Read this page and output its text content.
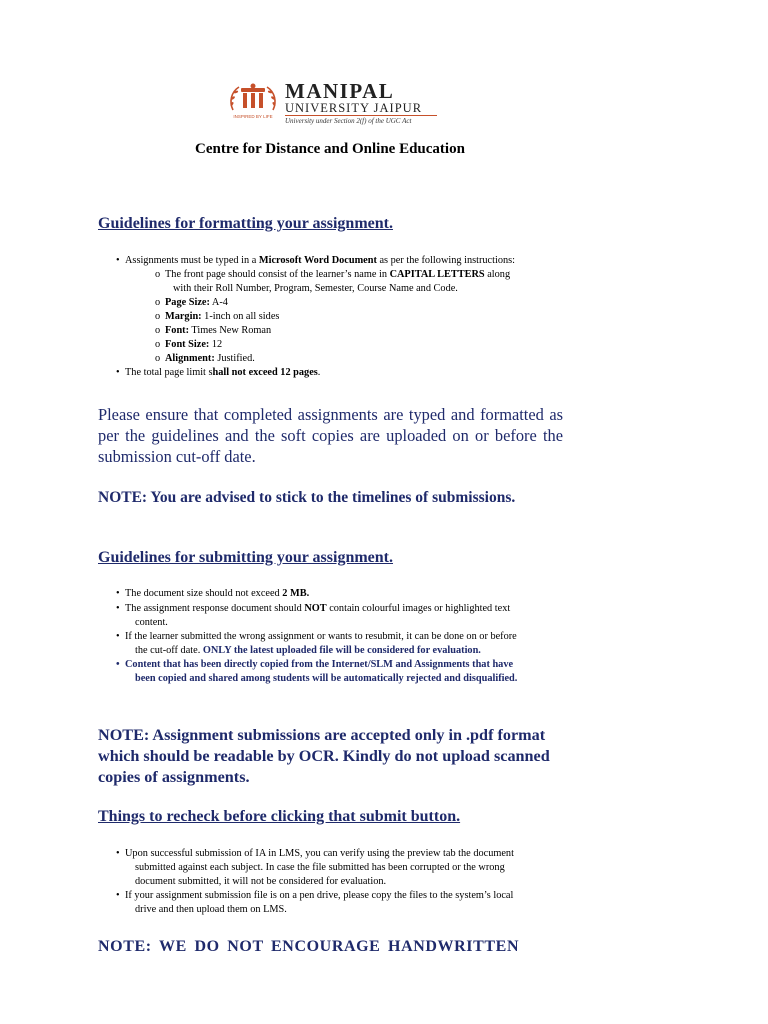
INSPIRED BY LIFE
MANIPAL
UNIVERSITY JAIPUR
University under Section 2(f) of the UGC Act
Centre for Distance and Online Education
Guidelines for formatting your assignment.
• Assignments must be typed in a Microsoft Word Document as per the following instructions:
o The front page should consist of the learner’s name in CAPITAL LETTERS along
with their Roll Number, Program, Semester, Course Name and Code.
o Page Size: A-4
o Margin: 1-inch on all sides
o Font: Times New Roman
o Font Size: 12
o Alignment: Justified.
• The total page limit shall not exceed 12 pages.
Please ensure that completed assignments are typed and formatted as per the guidelines and the soft copies are uploaded on or before the submission cut-off date.
NOTE: You are advised to stick to the timelines of submissions.
Guidelines for submitting your assignment.
• The document size should not exceed 2 MB.
• The assignment response document should NOT contain colourful images or highlighted text
content.
• If the learner submitted the wrong assignment or wants to resubmit, it can be done on or before
the cut-off date. ONLY the latest uploaded file will be considered for evaluation.
• Content that has been directly copied from the Internet/SLM and Assignments that have
been copied and shared among students will be automatically rejected and disqualified.
NOTE: Assignment submissions are accepted only in .pdf format which should be readable by OCR. Kindly do not upload scanned copies of assignments.
Things to recheck before clicking that submit button.
• Upon successful submission of IA in LMS, you can verify using the preview tab the document
submitted against each subject. In case the file submitted has been corrupted or the wrong
document submitted, it will not be considered for evaluation.
• If your assignment submission file is on a pen drive, please copy the files to the system’s local
drive and then upload them on LMS.
NOTE: WE DO NOT ENCOURAGE HANDWRITTEN
